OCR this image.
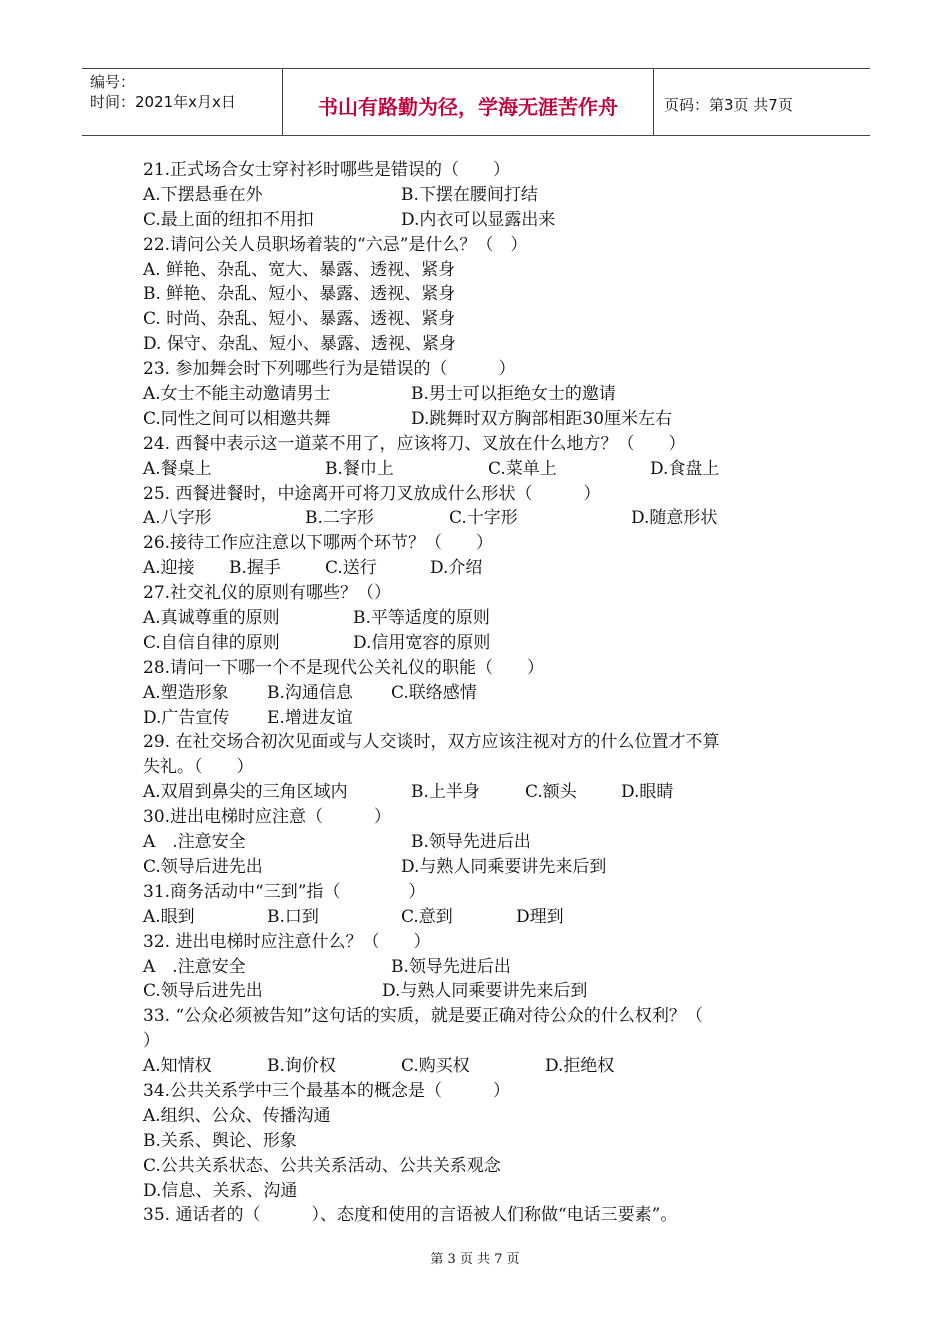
编号：
时间：2021年x月x日	书山有路勤为径，学海无涯苦作舟	页码：第3页 共7页
21.正式场合女士穿衬衫时哪些是错误的（　　）
A.下摆悬垂在外	B.下摆在腰间打结
C.最上面的纽扣不用扣	D.内衣可以显露出来
22.请问公关人员职场着装的“六忌”是什么？（　）
A. 鲜艳、杂乱、宽大、暴露、透视、紧身
B. 鲜艳、杂乱、短小、暴露、透视、紧身
C. 时尚、杂乱、短小、暴露、透视、紧身
D. 保守、杂乱、短小、暴露、透视、紧身
23. 参加舞会时下列哪些行为是错误的（　　　）
A.女士不能主动邀请男士	B.男士可以拒绝女士的邀请
C.同性之间可以相邀共舞	D.跳舞时双方胸部相距30厘米左右
24. 西餐中表示这一道菜不用了，应该将刀、叉放在什么地方？（　　）
A.餐桌上	B.餐巾上	C.菜单上	D.食盘上
25. 西餐进餐时，中途离开可将刀叉放成什么形状（　　　）
A.八字形	B.二字形	C.十字形	D.随意形状
26.接待工作应注意以下哪两个环节？（　　）
A.迎接 B.握手	C.送行	D.介绍
27.社交礼仪的原则有哪些？（）
A.真诚尊重的原则	B.平等适度的原则
C.自信自律的原则	D.信用宽容的原则
28.请问一下哪一个不是现代公关礼仪的职能（　　）
A.塑造形象 B.沟通信息 C.联络感情
D.广告宣传 E.增进友谊
29. 在社交场合初次见面或与人交谈时，双方应该注视对方的什么位置才不算
失礼。（　　）
A.双眉到鼻尖的三角区域内	B.上半身	C.额头	D.眼睛
30.进出电梯时应注意（　　　）
A　.注意安全	B.领导先进后出
C.领导后进先出	D.与熟人同乘要讲先来后到
31.商务活动中“三到”指（　　　　）
A.眼到	B.口到	C.意到	D理到
32. 进出电梯时应注意什么？（　　）
A　.注意安全	B.领导先进后出
C.领导后进先出	D.与熟人同乘要讲先来后到
33. “公众必须被告知”这句话的实质，就是要正确对待公众的什么权利？（
）
A.知情权	B.询价权	C.购买权	D.拒绝权
34.公共关系学中三个最基本的概念是（　　　）
A.组织、公众、传播沟通
B.关系、舆论、形象
C.公共关系状态、公共关系活动、公共关系观念
D.信息、关系、沟通
35. 通话者的（　　　）、态度和使用的言语被人们称做“电话三要素”。
第 3 页 共 7 页
